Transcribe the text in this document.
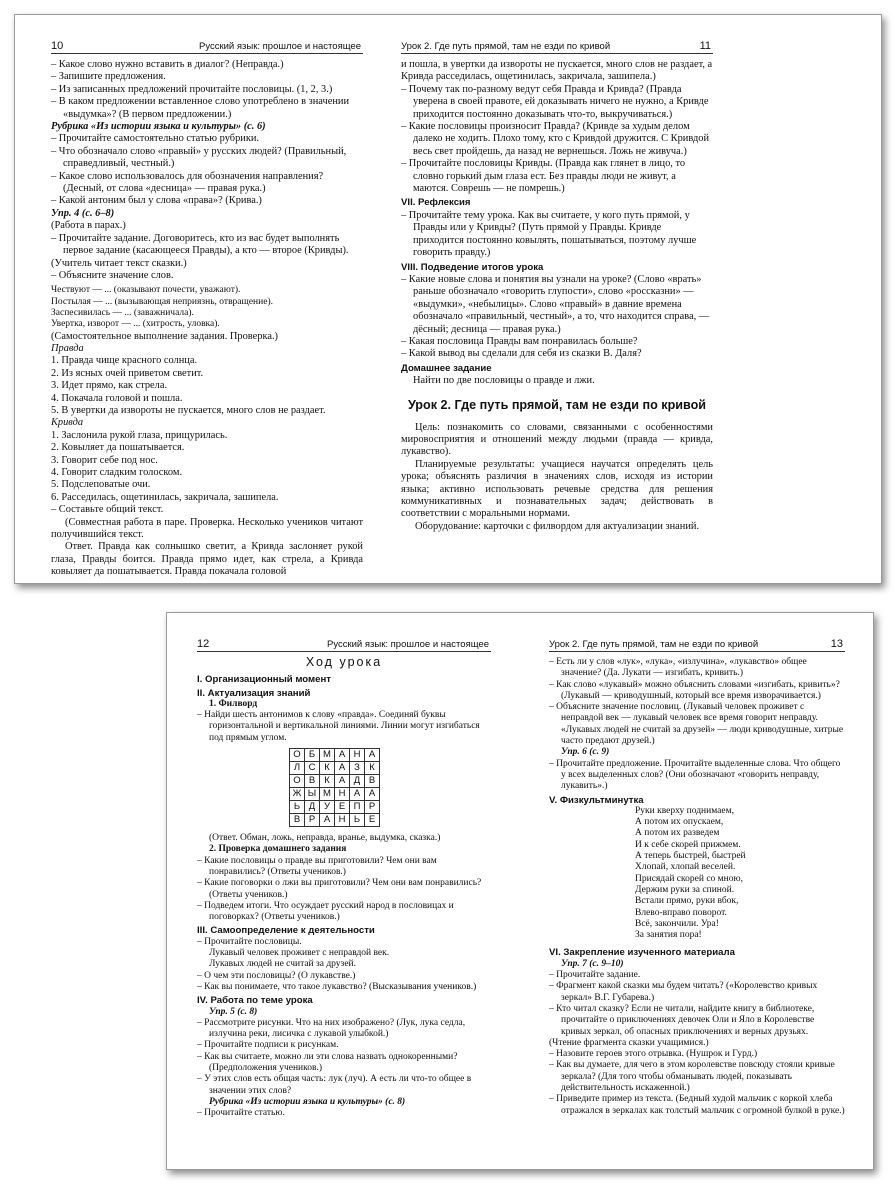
10	Русский язык: прошлое и настоящее

– Какое слово нужно вставить в диалог? (Неправда.)

– Запишите предложения.

– Из записанных предложений прочитайте пословицы. (1, 2, 3.)

– В каком предложении вставленное слово употреблено в значении «выдумка»? (В первом предложении.)

Рубрика «Из истории языка и культуры» (с. 6)

– Прочитайте самостоятельно статью рубрики.

– Что обозначало слово «правый» у русских людей? (Правильный, справедливый, честный.)

– Какое слово использовалось для обозначения направления? (Десный, от слова «десница» — правая рука.)

– Какой антоним был у слова «права»? (Крива.)

Упр. 4 (с. 6–8)

(Работа в парах.)

– Прочитайте задание. Договоритесь, кто из вас будет выполнять первое задание (касающееся Правды), а кто — второе (Кривды).

(Учитель читает текст сказки.)

– Объясните значение слов.

Чествуют — ... (оказывают почести, уважают).

Постылая — ... (вызывающая неприязнь, отвращение).

Заспесивилась — ... (заважничала).

Увертка, изворот — ... (хитрость, уловка).

(Самостоятельное выполнение задания. Проверка.)

Правда

1. Правда чище красного солнца.

2. Из ясных очей приветом светит.

3. Идет прямо, как стрела.

4. Покачала головой и пошла.

5. В увертки да извороты не пускается, много слов не раздает.

Кривда

1. Заслонила рукой глаза, прищурилась.

2. Ковыляет да пошатывается.

3. Говорит себе под нос.

4. Говорит сладким голоском.

5. Подслеповатые очи.

6. Расседилась, ощетинилась, закричала, зашипела.

– Составьте общий текст.

(Совместная работа в паре. Проверка. Несколько учеников читают получившийся текст.

Ответ. Правда как солнышко светит, а Кривда заслоняет рукой глаза, Правды боится. Правда прямо идет, как стрела, а Кривда ковыляет да пошатывается. Правда покачала головой

Урок 2. Где путь прямой, там не езди по кривой	11

и пошла, в увертки да извороты не пускается, много слов не раздает, а Кривда расседилась, ощетинилась, закричала, зашипела.)

– Почему так по-разному ведут себя Правда и Кривда? (Правда уверена в своей правоте, ей доказывать ничего не нужно, а Кривде приходится постоянно доказывать что-то, выкручиваться.)

– Какие пословицы произносит Правда? (Кривде за худым делом далеко не ходить. Плохо тому, кто с Кривдой дружится. С Кривдой весь свет пройдешь, да назад не вернешься. Ложь не живуча.)

– Прочитайте пословицы Кривды. (Правда как глянет в лицо, то словно горький дым глаза ест. Без правды люди не живут, а маются. Соврешь — не помрешь.)

VII. Рефлексия

– Прочитайте тему урока. Как вы считаете, у кого путь прямой, у Правды или у Кривды? (Путь прямой у Правды. Кривде приходится постоянно ковылять, пошатываться, поэтому лучше говорить правду.)

VIII. Подведение итогов урока

– Какие новые слова и понятия вы узнали на уроке? (Слово «врать» раньше обозначало «говорить глупости», слово «россказни» — «выдумки», «небылицы». Слово «правый» в давние времена обозначало «правильный, честный», а то, что находится справа, — дёсный; десница — правая рука.)

– Какая пословица Правды вам понравилась больше?

– Какой вывод вы сделали для себя из сказки В. Даля?

Домашнее задание

Найти по две пословицы о правде и лжи.

Урок 2. Где путь прямой, там не езди по кривой

Цель: познакомить со словами, связанными с особенностями мировосприятия и отношений между людьми (правда — кривда, лукавство).

Планируемые результаты: учащиеся научатся определять цель урока; объяснять различия в значениях слов, исходя из истории языка; активно использовать речевые средства для решения коммуникативных и познавательных задач; действовать в соответствии с моральными нормами.

Оборудование: карточки с филвордом для актуализации знаний.

12	Русский язык: прошлое и настоящее

Ход урока

I. Организационный момент

II. Актуализация знаний

1. Филворд

– Найди шесть антонимов к слову «правда». Соединяй буквы горизонтальной и вертикальной линиями. Линии могут изгибаться под прямым углом.

О	Б	М	А	Н	А
Л	С	К	А	З	К
О	В	К	А	Д	В
Ж	Ы	М	Н	А	А
Ь	Д	У	Е	П	Р
В	Р	А	Н	Ь	Е

(Ответ. Обман, ложь, неправда, вранье, выдумка, сказка.)

2. Проверка домашнего задания

– Какие пословицы о правде вы приготовили? Чем они вам понравились? (Ответы учеников.)

– Какие поговорки о лжи вы приготовили? Чем они вам понравились? (Ответы учеников.)

– Подведем итоги. Что осуждает русский народ в пословицах и поговорках? (Ответы учеников.)

III. Самоопределение к деятельности

– Прочитайте пословицы.

Лукавый человек проживет с неправдой век.

Лукавых людей не считай за друзей.

– О чем эти пословицы? (О лукавстве.)

– Как вы понимаете, что такое лукавство? (Высказывания учеников.)

IV. Работа по теме урока

Упр. 5 (с. 8)

– Рассмотрите рисунки. Что на них изображено? (Лук, лука седла, излучина реки, лисичка с лукавой улыбкой.)

– Прочитайте подписи к рисункам.

– Как вы считаете, можно ли эти слова назвать однокоренными? (Предположения учеников.)

– У этих слов есть общая часть: лук (луч). А есть ли что-то общее в значении этих слов?

Рубрика «Из истории языка и культуры» (с. 8)

– Прочитайте статью.

Урок 2. Где путь прямой, там не езди по кривой	13

– Есть ли у слов «лук», «лука», «излучина», «лукавство» общее значение? (Да. Лукати — изгибать, кривить.)

– Как слово «лукавый» можно объяснить словами «изгибать, кривить»? (Лукавый — криводушный, который все время изворачивается.)

– Объясните значение пословиц. (Лукавый человек проживет с неправдой век — лукавый человек все время говорит неправду. «Лукавых людей не считай за друзей» — люди криводушные, хитрые часто предают друзей.)

Упр. 6 (с. 9)

– Прочитайте предложение. Прочитайте выделенные слова. Что общего у всех выделенных слов? (Они обозначают «говорить неправду, лукавить».)

V. Физкультминутка

Руки кверху поднимаем,

А потом их опускаем,

А потом их разведем

И к себе скорей прижмем.

А теперь быстрей, быстрей

Хлопай, хлопай веселей.

Присядай скорей со мною,

Держим руки за спиной.

Встали прямо, руки вбок,

Влево-вправо поворот.

Всё, закончили. Ура!

За занятия пора!

VI. Закрепление изученного материала

Упр. 7 (с. 9–10)

– Прочитайте задание.

– Фрагмент какой сказки мы будем читать? («Королевство кривых зеркал» В.Г. Губарева.)

– Кто читал сказку? Если не читали, найдите книгу в библиотеке, прочитайте о приключениях девочек Оли и Яло в Королевстве кривых зеркал, об опасных приключениях и верных друзьях.

(Чтение фрагмента сказки учащимися.)

– Назовите героев этого отрывка. (Нушрок и Гурд.)

– Как вы думаете, для чего в этом королевстве повсюду стояли кривые зеркала? (Для того чтобы обманывать людей, показывать действительность искаженной.)

– Приведите пример из текста. (Бедный худой мальчик с коркой хлеба отражался в зеркалах как толстый мальчик с огромной булкой в руке.)
